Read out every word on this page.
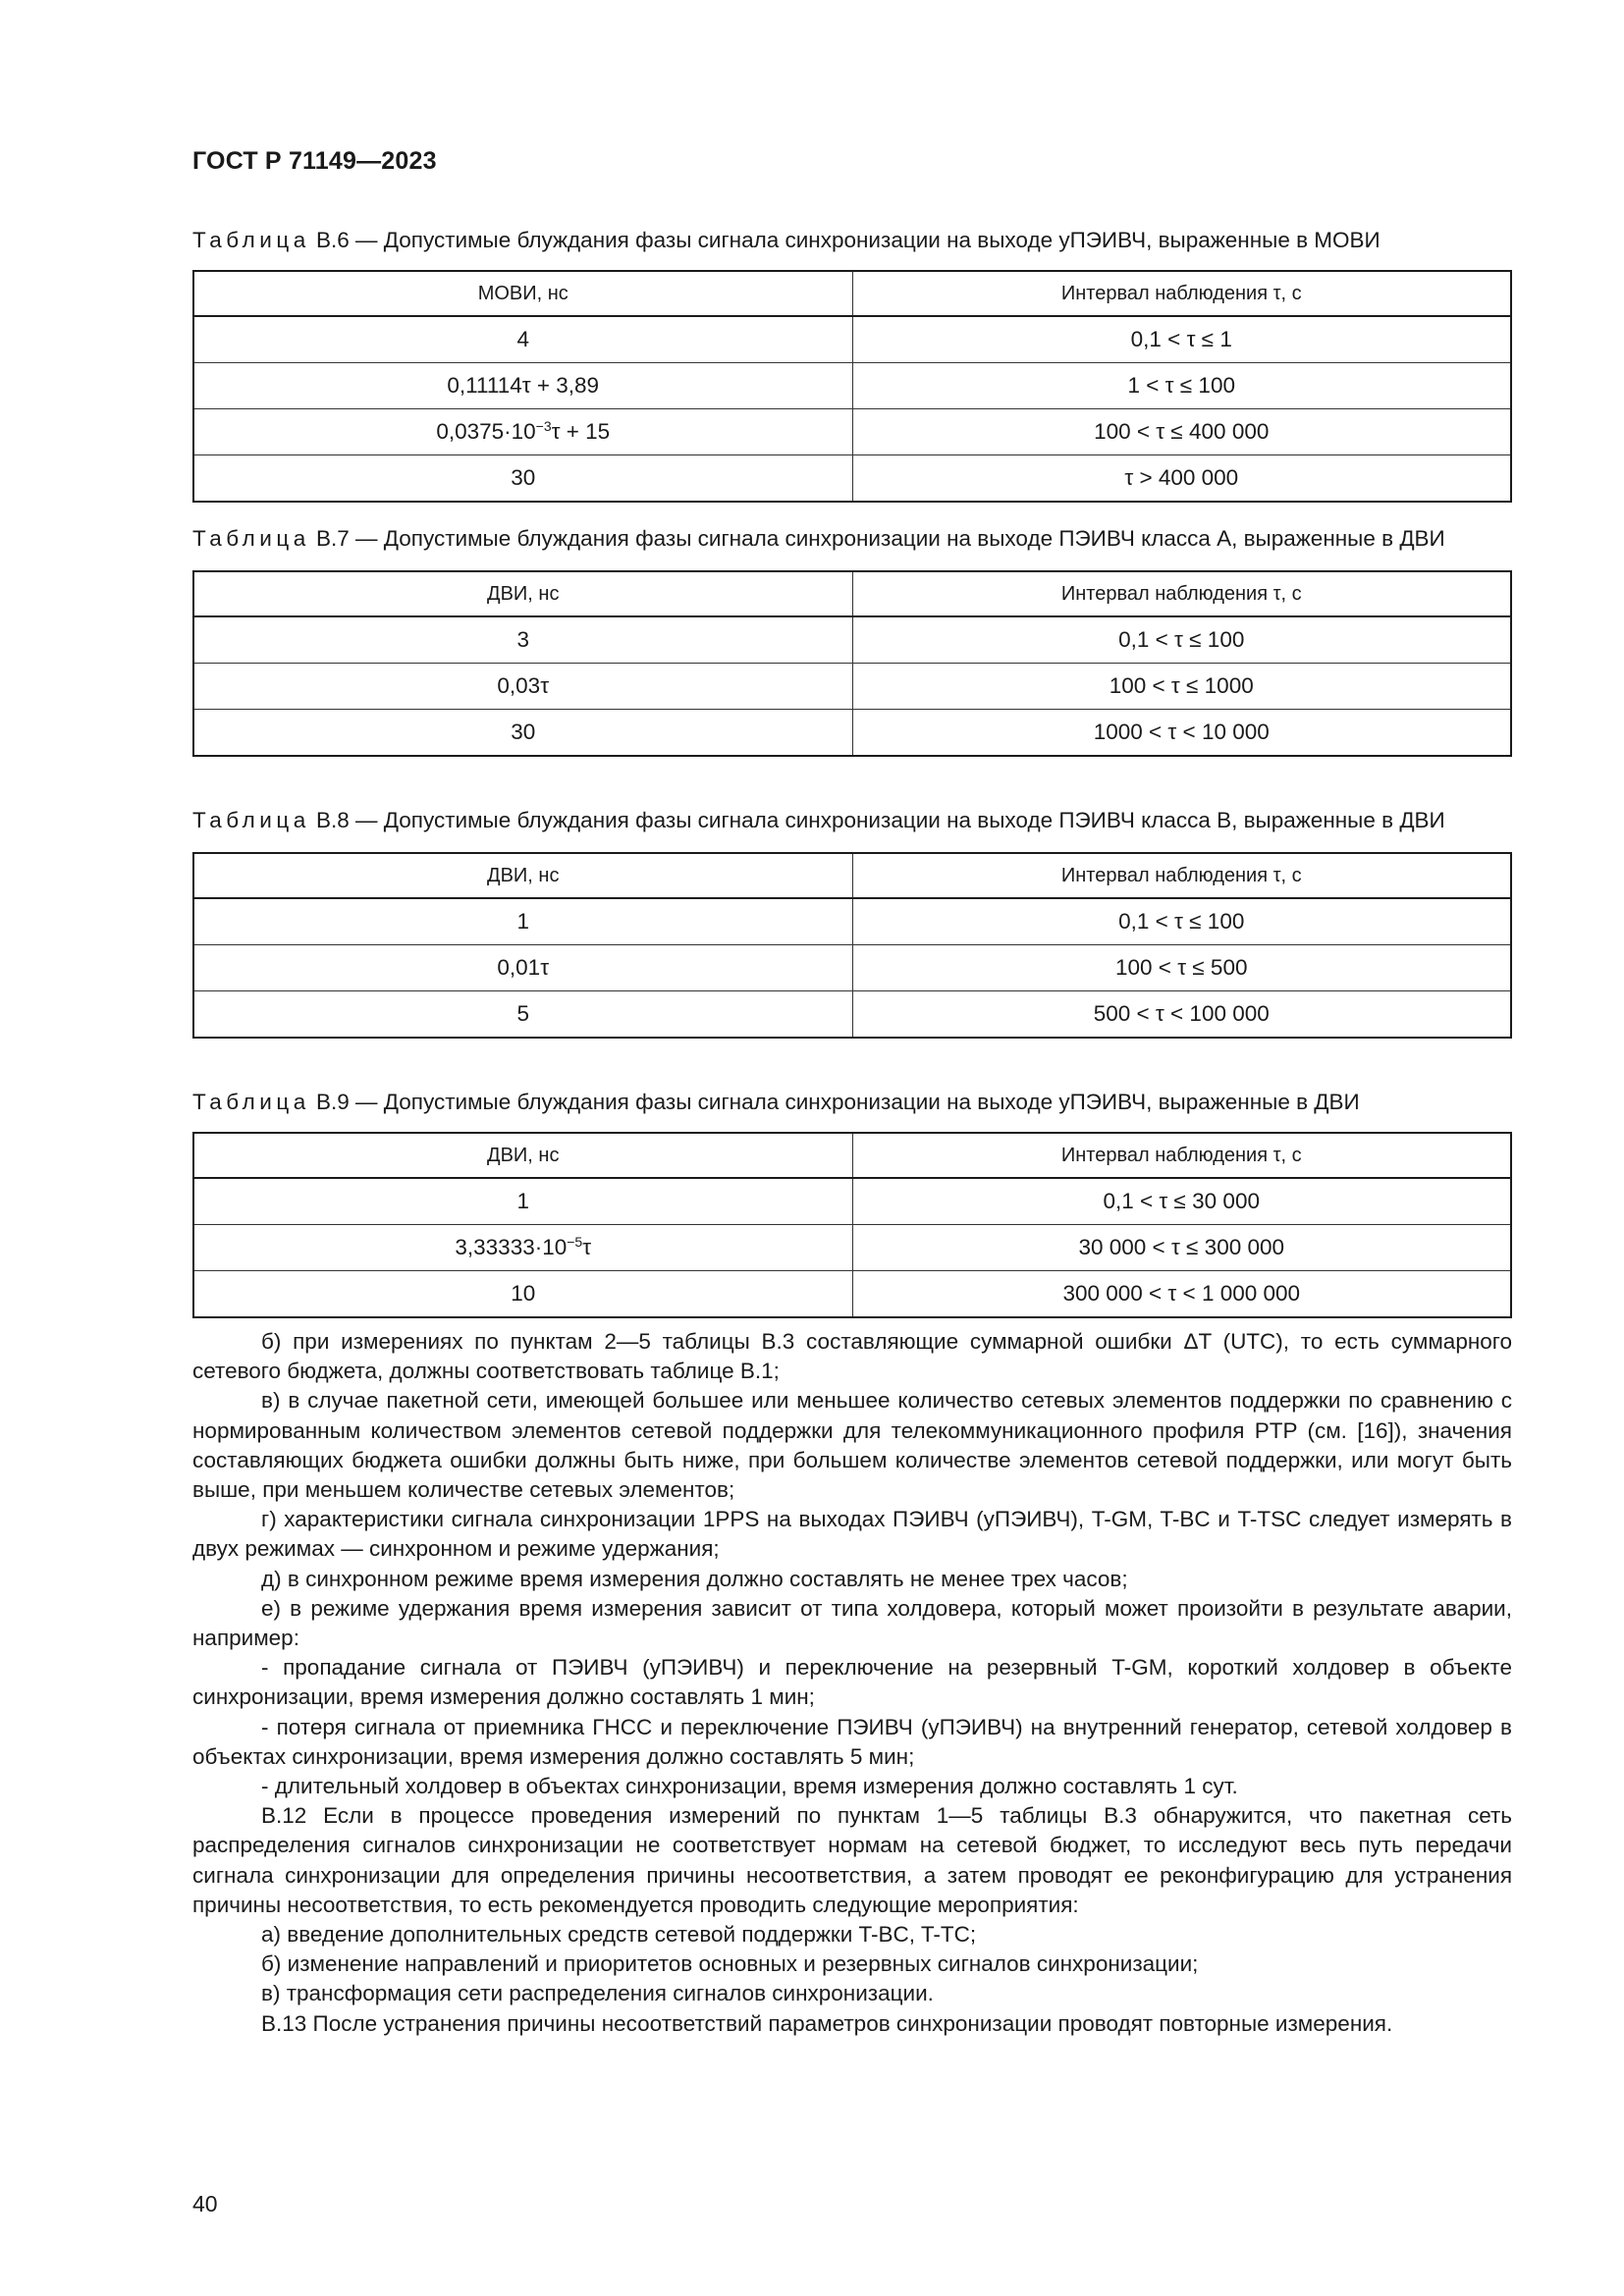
ГОСТ Р 71149—2023

Таблица В.6 — Допустимые блуждания фазы сигнала синхронизации на выходе уПЭИВЧ, выраженные в МОВИ

МОВИ, нс	Интервал наблюдения τ, с
4	0,1 < τ ≤ 1
0,11114τ + 3,89	1 < τ ≤ 100
$0,0375\cdot 10^{-3}\tau + 15$	100 < τ ≤ 400 000
30	τ > 400 000

Таблица В.7 — Допустимые блуждания фазы сигнала синхронизации на выходе ПЭИВЧ класса А, выраженные в ДВИ

ДВИ, нс	Интервал наблюдения τ, с
3	0,1 < τ ≤ 100
0,03τ	100 < τ ≤ 1000
30	1000 < τ < 10 000

Таблица В.8 — Допустимые блуждания фазы сигнала синхронизации на выходе ПЭИВЧ класса В, выраженные в ДВИ

ДВИ, нс	Интервал наблюдения τ, с
1	0,1 < τ ≤ 100
0,01τ	100 < τ ≤ 500
5	500 < τ < 100 000

Таблица В.9 — Допустимые блуждания фазы сигнала синхронизации на выходе уПЭИВЧ, выраженные в ДВИ

ДВИ, нс	Интервал наблюдения τ, с
1	0,1 < τ ≤ 30 000
$3,33333\cdot 10^{-5}\tau$	30 000 < τ ≤ 300 000
10	300 000 < τ < 1 000 000

б) при измерениях по пунктам 2—5 таблицы В.3 составляющие суммарной ошибки ΔT (UTC), то есть суммарного сетевого бюджета, должны соответствовать таблице В.1;

в) в случае пакетной сети, имеющей большее или меньшее количество сетевых элементов поддержки по сравнению с нормированным количеством элементов сетевой поддержки для телекоммуникационного профиля PTP (см. [16]), значения составляющих бюджета ошибки должны быть ниже, при большем количестве элементов сетевой поддержки, или могут быть выше, при меньшем количестве сетевых элементов;

г) характеристики сигнала синхронизации 1PPS на выходах ПЭИВЧ (уПЭИВЧ), T-GM, T-BC и T-TSC следует измерять в двух режимах — синхронном и режиме удержания;

д) в синхронном режиме время измерения должно составлять не менее трех часов;

е) в режиме удержания время измерения зависит от типа холдовера, который может произойти в результате аварии, например:

- пропадание сигнала от ПЭИВЧ (уПЭИВЧ) и переключение на резервный T-GM, короткий холдовер в объекте синхронизации, время измерения должно составлять 1 мин;

- потеря сигнала от приемника ГНСС и переключение ПЭИВЧ (уПЭИВЧ) на внутренний генератор, сетевой холдовер в объектах синхронизации, время измерения должно составлять 5 мин;

- длительный холдовер в объектах синхронизации, время измерения должно составлять 1 сут.

В.12 Если в процессе проведения измерений по пунктам 1—5 таблицы В.3 обнаружится, что пакетная сеть распределения сигналов синхронизации не соответствует нормам на сетевой бюджет, то исследуют весь путь передачи сигнала синхронизации для определения причины несоответствия, а затем проводят ее реконфигурацию для устранения причины несоответствия, то есть рекомендуется проводить следующие мероприятия:

а) введение дополнительных средств сетевой поддержки T-BC, T-TC;

б) изменение направлений и приоритетов основных и резервных сигналов синхронизации;

в) трансформация сети распределения сигналов синхронизации.

В.13 После устранения причины несоответствий параметров синхронизации проводят повторные измерения.

40
